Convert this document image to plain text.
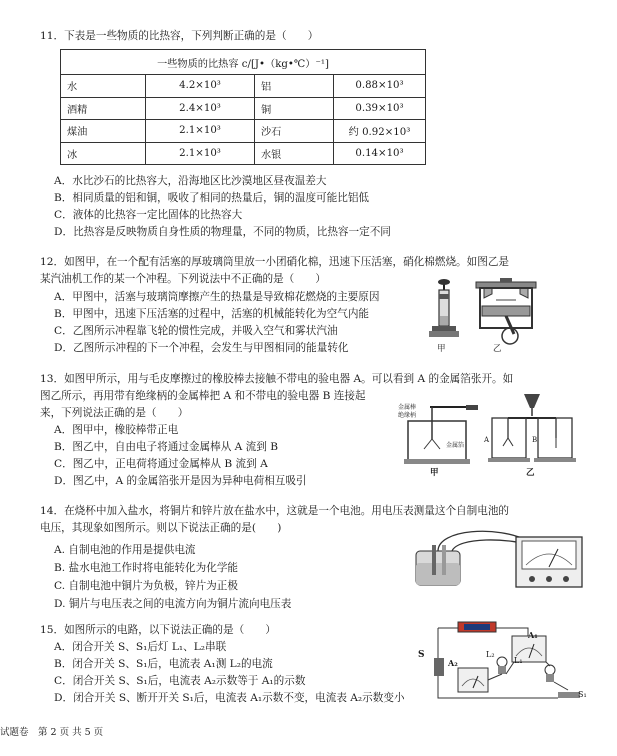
11．下表是一些物质的比热容，下列判断正确的是（　　）
一些物质的比热容 c/[J•（kg•℃）⁻¹]			
水	4.2×10³	铝	0.88×10³
酒精	2.4×10³	铜	0.39×10³
煤油	2.1×10³	沙石	约 0.92×10³
冰	2.1×10³	水银	0.14×10³
A．水比沙石的比热容大，沿海地区比沙漠地区昼夜温差大
B．相同质量的铝和铜，吸收了相同的热量后，铜的温度可能比铝低
C．液体的比热容一定比固体的比热容大
D．比热容是反映物质自身性质的物理量，不同的物质，比热容一定不同
12．如图甲，在一个配有活塞的厚玻璃筒里放一小团硝化棉，迅速下压活塞，硝化棉燃烧。如图乙是
某汽油机工作的某一个冲程。下列说法中不正确的是（　　）
A．甲图中，活塞与玻璃筒摩擦产生的热量是导致棉花燃烧的主要原因
B．甲图中，迅速下压活塞的过程中，活塞的机械能转化为空气内能
C．乙图所示冲程靠飞轮的惯性完成，并吸入空气和雾状汽油
D．乙图所示冲程的下一个冲程，会发生与甲图相同的能量转化	甲	乙
13．如图甲所示，用与毛皮摩擦过的橡胶棒去接触不带电的验电器 A。可以看到 A 的金属箔张开。如
图乙所示，再用带有绝缘柄的金属棒把 A 和不带电的验电器 B 连接起
来，下列说法正确的是（　　）
A．图甲中，橡胶棒带正电
B．图乙中，自由电子将通过金属棒从 A 流到 B
C．图乙中，正电荷将通过金属棒从 B 流到 A
D．图乙中，A 的金属箔张开是因为异种电荷相互吸引
金属棒
绝缘柄
金属箔
甲
A	B
乙
14．在烧杯中加入盐水，将铜片和锌片放在盐水中，这就是一个电池。用电压表测量这个自制电池的
电压，其现象如图所示。则以下说法正确的是(　　)
A. 自制电池的作用是提供电流
B. 盐水电池工作时将电能转化为化学能
C. 自制电池中铜片为负极，锌片为正极
D. 铜片与电压表之间的电流方向为铜片流向电压表
15．如图所示的电路，以下说法正确的是（　　）
A．闭合开关 S、S₁后灯 L₁、L₂串联
B．闭合开关 S、S₁后，电流表 A₁测 L₂的电流
C．闭合开关 S、S₁后，电流表 A₂示数等于 A₁的示数
D．闭合开关 S、断开开关 S₁后，电流表 A₁示数不变，电流表 A₂示数变小
S
S₁
A₁
A₂	L₁
L₂
试题卷　第 2 页 共 5 页
